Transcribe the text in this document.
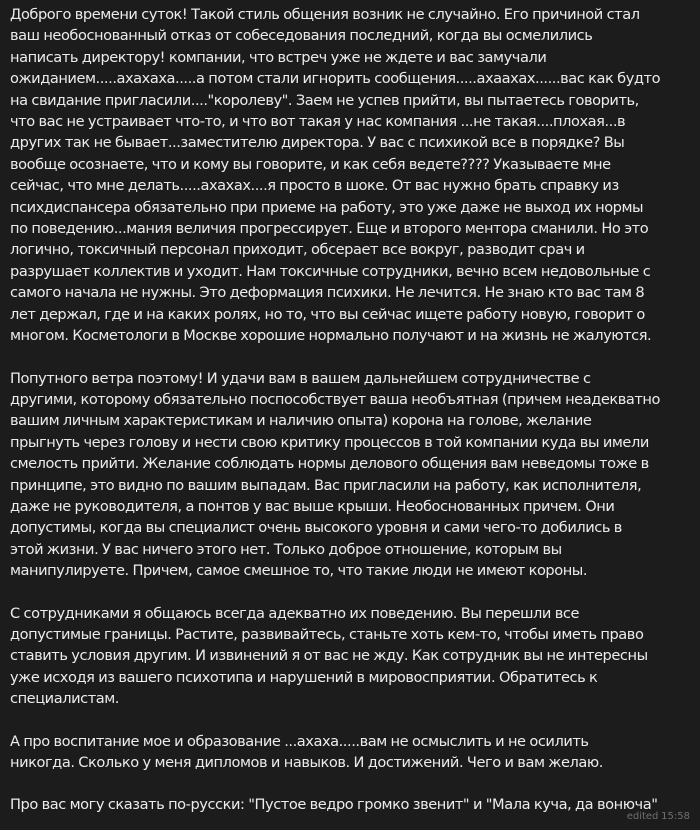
Доброго времени суток! Такой стиль общения возник не случайно. Его причиной стал
ваш необоснованный отказ от собеседования последний, когда вы осмелились
написать директору! компании, что встреч уже не ждете и вас замучали
ожиданием.....ахахаха.....а потом стали игнорить сообщения.....ахаахах......вас как будто
на свидание пригласили...."королеву". Заем не успев прийти, вы пытаетесь говорить,
что вас не устраивает что-то, и что вот такая у нас компания ...не такая....плохая...в
других так не бывает...заместителю директора. У вас с психикой все в порядке? Вы
вообще осознаете, что и кому вы говорите, и как себя ведете???? Указываете мне
сейчас, что мне делать.....ахахах....я просто в шоке. От вас нужно брать справку из
психдиспансера обязательно при приеме на работу, это уже даже не выход их нормы
по поведению...мания величия прогрессирует. Еще и второго ментора сманили. Но это
логично, токсичный персонал приходит, обсерает все вокруг, разводит срач и
разрушает коллектив и уходит. Нам токсичные сотрудники, вечно всем недовольные с
самого начала не нужны. Это деформация психики. Не лечится. Не знаю кто вас там 8
лет держал, где и на каких ролях, но то, что вы сейчас ищете работу новую, говорит о
многом. Косметологи в Москве хорошие нормально получают и на жизнь не жалуются.

Попутного ветра поэтому! И удачи вам в вашем дальнейшем сотрудничестве с
другими, которому обязательно поспособствует ваша необъятная (причем неадекватно
вашим личным характеристикам и наличию опыта) корона на голове, желание
прыгнуть через голову и нести свою критику процессов в той компании куда вы имели
смелость прийти. Желание соблюдать нормы делового общения вам неведомы тоже в
принципе, это видно по вашим выпадам. Вас пригласили на работу, как исполнителя,
даже не руководителя, а понтов у вас выше крыши. Необоснованных причем. Они
допустимы, когда вы специалист очень высокого уровня и сами чего-то добились в
этой жизни. У вас ничего этого нет. Только доброе отношение, которым вы
манипулируете. Причем, самое смешное то, что такие люди не имеют короны.

С сотрудниками я общаюсь всегда адекватно их поведению. Вы перешли все
допустимые границы. Растите, развивайтесь, станьте хоть кем-то, чтобы иметь право
ставить условия другим. И извинений я от вас не жду. Как сотрудник вы не интересны
уже исходя из вашего психотипа и нарушений в мировосприятии. Обратитесь к
специалистам.

А про воспитание мое и образование ...ахаха.....вам не осмыслить и не осилить
никогда. Сколько у меня дипломов и навыков. И достижений. Чего и вам желаю.

Про вас могу сказать по-русски: "Пустое ведро громко звенит" и "Мала куча, да вонюча"

edited 15:58
